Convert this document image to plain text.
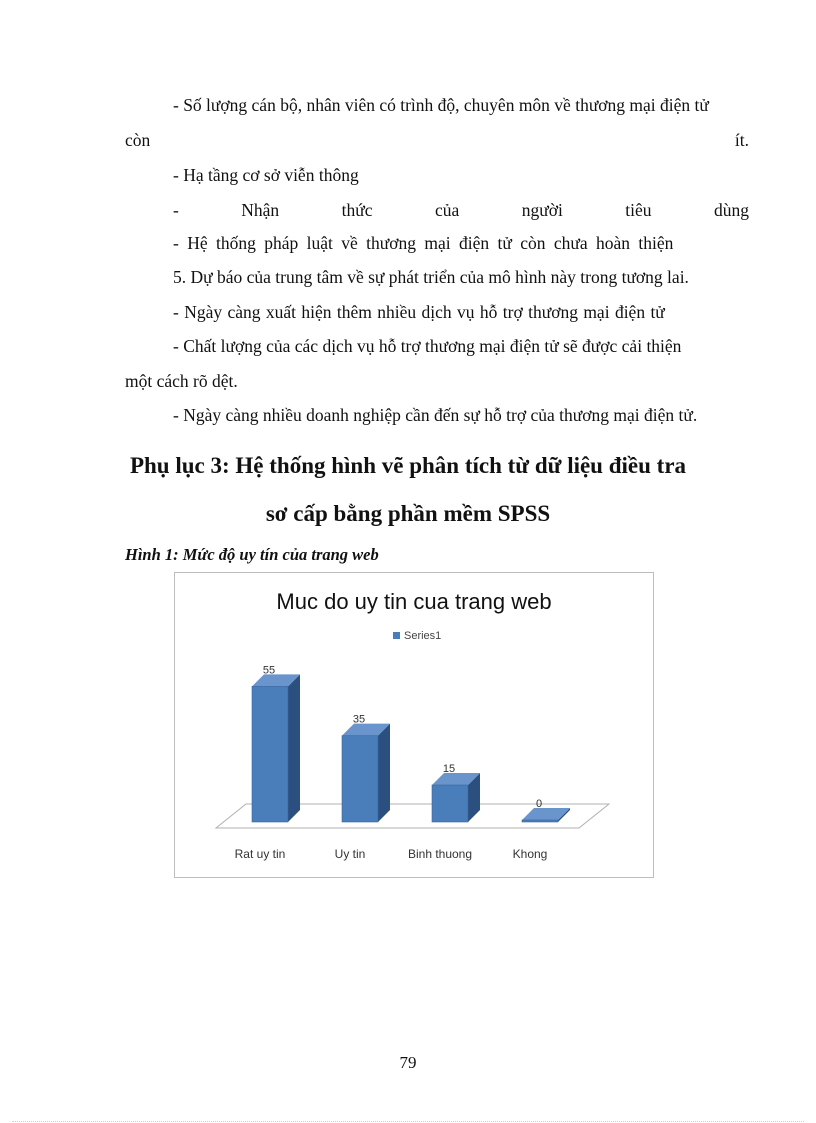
- Số lượng cán bộ, nhân viên có trình độ, chuyên môn về thương mại điện tử
còn	ít.
- Hạ tầng cơ sở viễn thông
-	Nhận	thức	của	người	tiêu	dùng
- Hệ thống pháp luật về thương mại điện tử còn chưa hoàn thiện
5. Dự báo của trung tâm về sự phát triển của mô hình này trong tương lai.
- Ngày càng xuất hiện thêm nhiều dịch vụ hỗ trợ thương mại điện tử
- Chất lượng của các dịch vụ hỗ trợ thương mại điện tử sẽ được cải thiện
một cách rõ dệt.
- Ngày càng nhiều doanh nghiệp cần đến sự hỗ trợ của thương mại điện tử.
Phụ lục 3: Hệ thống hình vẽ phân tích từ dữ liệu điều tra
sơ cấp bằng phần mềm SPSS
Hình 1: Mức độ uy tín của trang web
Muc do uy tin cua trang web
Series1
55
Rat uy tin
35
Uy tin
15
Binh thuong
0
Khong
79
